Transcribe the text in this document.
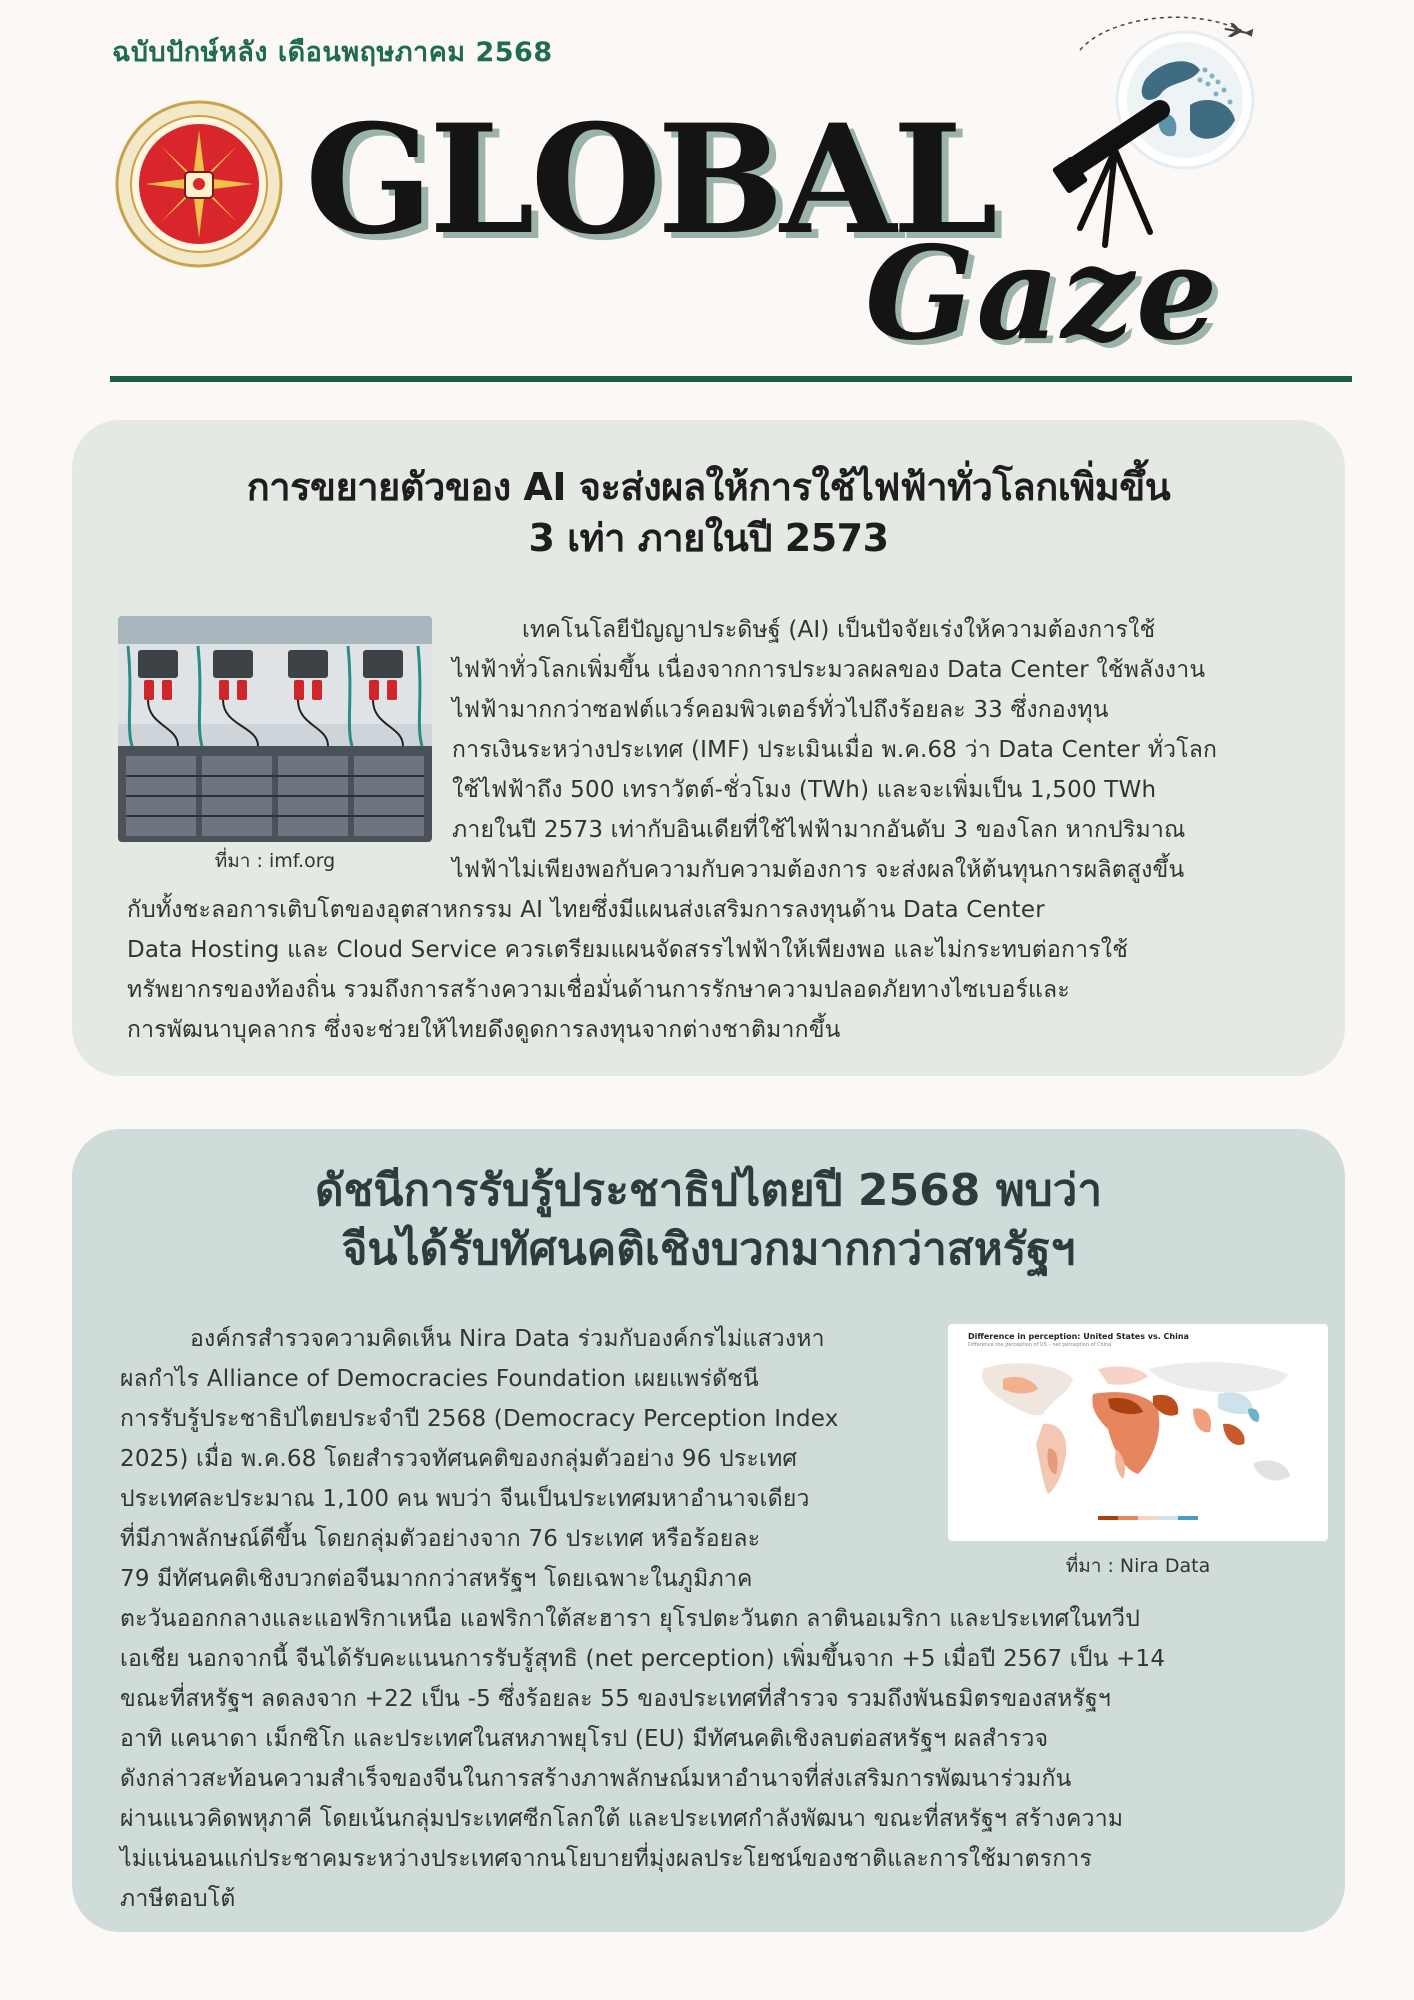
ฉบับปักษ์หลัง เดือนพฤษภาคม 2568
GLOBAL
Gaze
การขยายตัวของ AI จะส่งผลให้การใช้ไฟฟ้าทั่วโลกเพิ่มขึ้น
3 เท่า ภายในปี 2573
ที่มา : imf.org
เทคโนโลยีปัญญาประดิษฐ์ (AI) เป็นปัจจัยเร่งให้ความต้องการใช้
ไฟฟ้าทั่วโลกเพิ่มขึ้น เนื่องจากการประมวลผลของ Data Center ใช้พลังงาน
ไฟฟ้ามากกว่าซอฟต์แวร์คอมพิวเตอร์ทั่วไปถึงร้อยละ 33 ซึ่งกองทุน
การเงินระหว่างประเทศ (IMF) ประเมินเมื่อ พ.ค.68 ว่า Data Center ทั่วโลก
ใช้ไฟฟ้าถึง 500 เทราวัตต์-ชั่วโมง (TWh) และจะเพิ่มเป็น 1,500 TWh
ภายในปี 2573 เท่ากับอินเดียที่ใช้ไฟฟ้ามากอันดับ 3 ของโลก หากปริมาณ
ไฟฟ้าไม่เพียงพอกับความกับความต้องการ จะส่งผลให้ต้นทุนการผลิตสูงขึ้น
กับทั้งชะลอการเติบโตของอุตสาหกรรม AI ไทยซึ่งมีแผนส่งเสริมการลงทุนด้าน Data Center
Data Hosting และ Cloud Service ควรเตรียมแผนจัดสรรไฟฟ้าให้เพียงพอ และไม่กระทบต่อการใช้
ทรัพยากรของท้องถิ่น รวมถึงการสร้างความเชื่อมั่นด้านการรักษาความปลอดภัยทางไซเบอร์และ
การพัฒนาบุคลากร ซึ่งจะช่วยให้ไทยดึงดูดการลงทุนจากต่างชาติมากขึ้น
ดัชนีการรับรู้ประชาธิปไตยปี 2568 พบว่า
จีนได้รับทัศนคติเชิงบวกมากกว่าสหรัฐฯ
Difference in perception: United States vs. China
Difference the perception of US – net perception of China
ที่มา : Nira Data
องค์กรสำรวจความคิดเห็น Nira Data ร่วมกับองค์กรไม่แสวงหา
ผลกำไร Alliance of Democracies Foundation เผยแพร่ดัชนี
การรับรู้ประชาธิปไตยประจำปี 2568 (Democracy Perception Index
2025) เมื่อ พ.ค.68 โดยสำรวจทัศนคติของกลุ่มตัวอย่าง 96 ประเทศ
ประเทศละประมาณ 1,100 คน พบว่า จีนเป็นประเทศมหาอำนาจเดียว
ที่มีภาพลักษณ์ดีขึ้น โดยกลุ่มตัวอย่างจาก 76 ประเทศ หรือร้อยละ
79 มีทัศนคติเชิงบวกต่อจีนมากกว่าสหรัฐฯ โดยเฉพาะในภูมิภาค
ตะวันออกกลางและแอฟริกาเหนือ แอฟริกาใต้สะฮารา ยุโรปตะวันตก ลาตินอเมริกา และประเทศในทวีป
เอเชีย นอกจากนี้ จีนได้รับคะแนนการรับรู้สุทธิ (net perception) เพิ่มขึ้นจาก +5 เมื่อปี 2567 เป็น +14
ขณะที่สหรัฐฯ ลดลงจาก +22 เป็น -5 ซึ่งร้อยละ 55 ของประเทศที่สำรวจ รวมถึงพันธมิตรของสหรัฐฯ
อาทิ แคนาดา เม็กซิโก และประเทศในสหภาพยุโรป (EU) มีทัศนคติเชิงลบต่อสหรัฐฯ ผลสำรวจ
ดังกล่าวสะท้อนความสำเร็จของจีนในการสร้างภาพลักษณ์มหาอำนาจที่ส่งเสริมการพัฒนาร่วมกัน
ผ่านแนวคิดพหุภาคี โดยเน้นกลุ่มประเทศซีกโลกใต้ และประเทศกำลังพัฒนา ขณะที่สหรัฐฯ สร้างความ
ไม่แน่นอนแก่ประชาคมระหว่างประเทศจากนโยบายที่มุ่งผลประโยชน์ของชาติและการใช้มาตรการ
ภาษีตอบโต้
